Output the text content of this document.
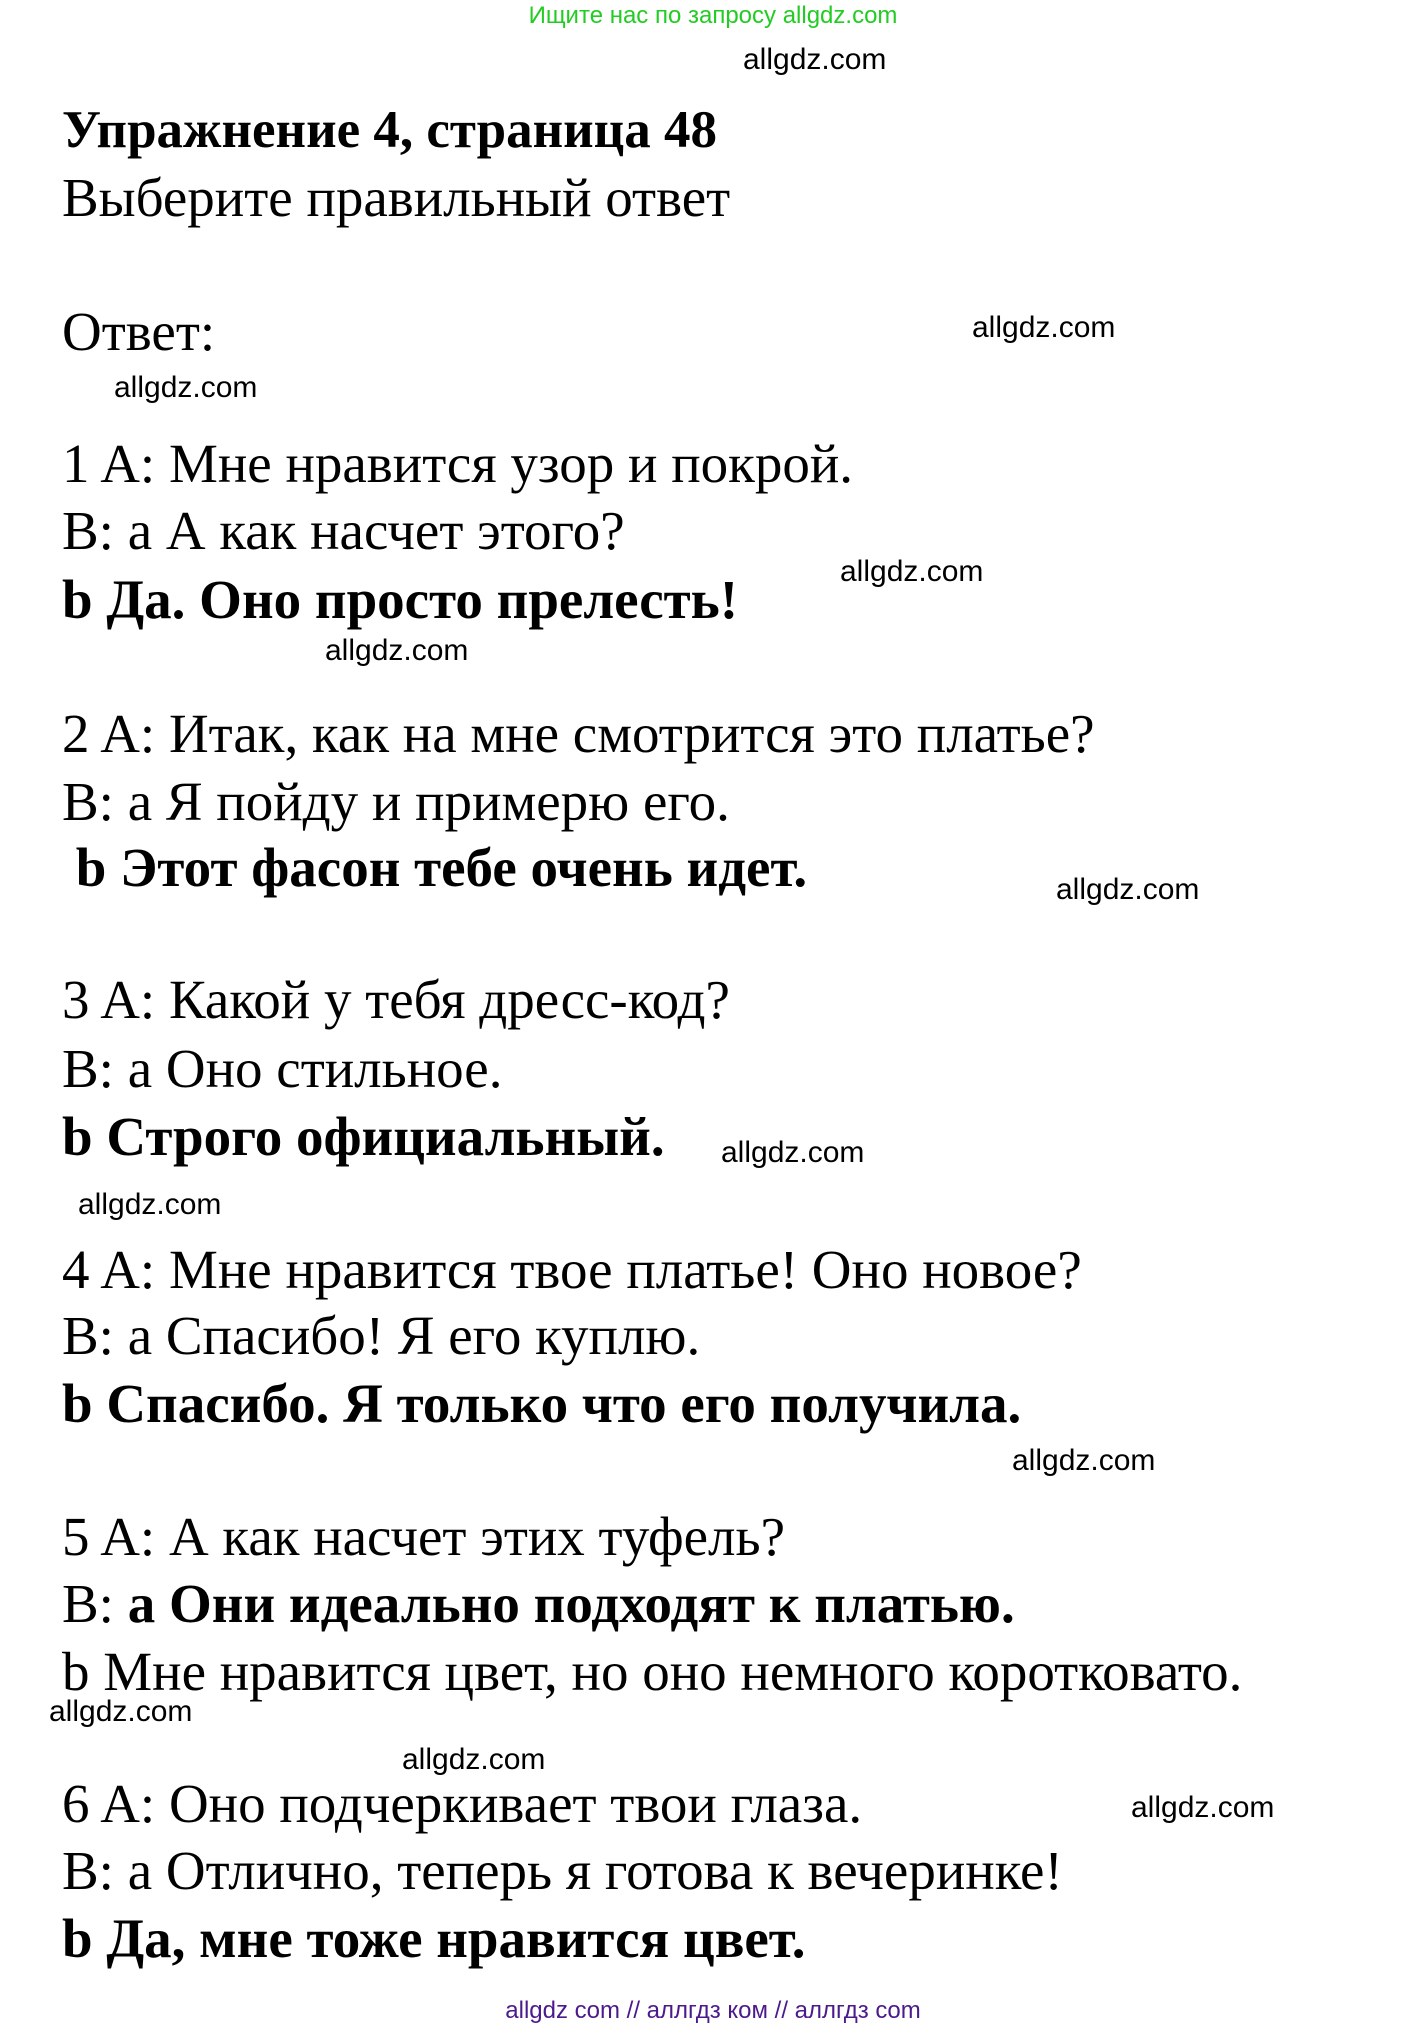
Ищите нас по запросу allgdz.com
Упражнение 4, страница 48
Выберите правильный ответ
Ответ:
1 A: Мне нравится узор и покрой.
B: a А как насчет этого?
b Да. Оно просто прелесть!
2 A: Итак, как на мне смотрится это платье?
B: a Я пойду и примерю его.
b Этот фасон тебе очень идет.
3 A: Какой у тебя дресс-код?
B: a Оно стильное.
b Строго официальный.
4 A: Мне нравится твое платье! Оно новое?
B: a Спасибо! Я его куплю.
b Спасибо. Я только что его получила.
5 A: А как насчет этих туфель?
B: a Они идеально подходят к платью.
b Мне нравится цвет, но оно немного коротковато.
6 A: Оно подчеркивает твои глаза.
B: a Отлично, теперь я готова к вечеринке!
b Да, мне тоже нравится цвет.
allgdz.com
allgdz.com
allgdz.com
allgdz.com
allgdz.com
allgdz.com
allgdz.com
allgdz.com
allgdz.com
allgdz.com
allgdz.com
allgdz.com
allgdz com // аллгдз ком // аллгдз com
